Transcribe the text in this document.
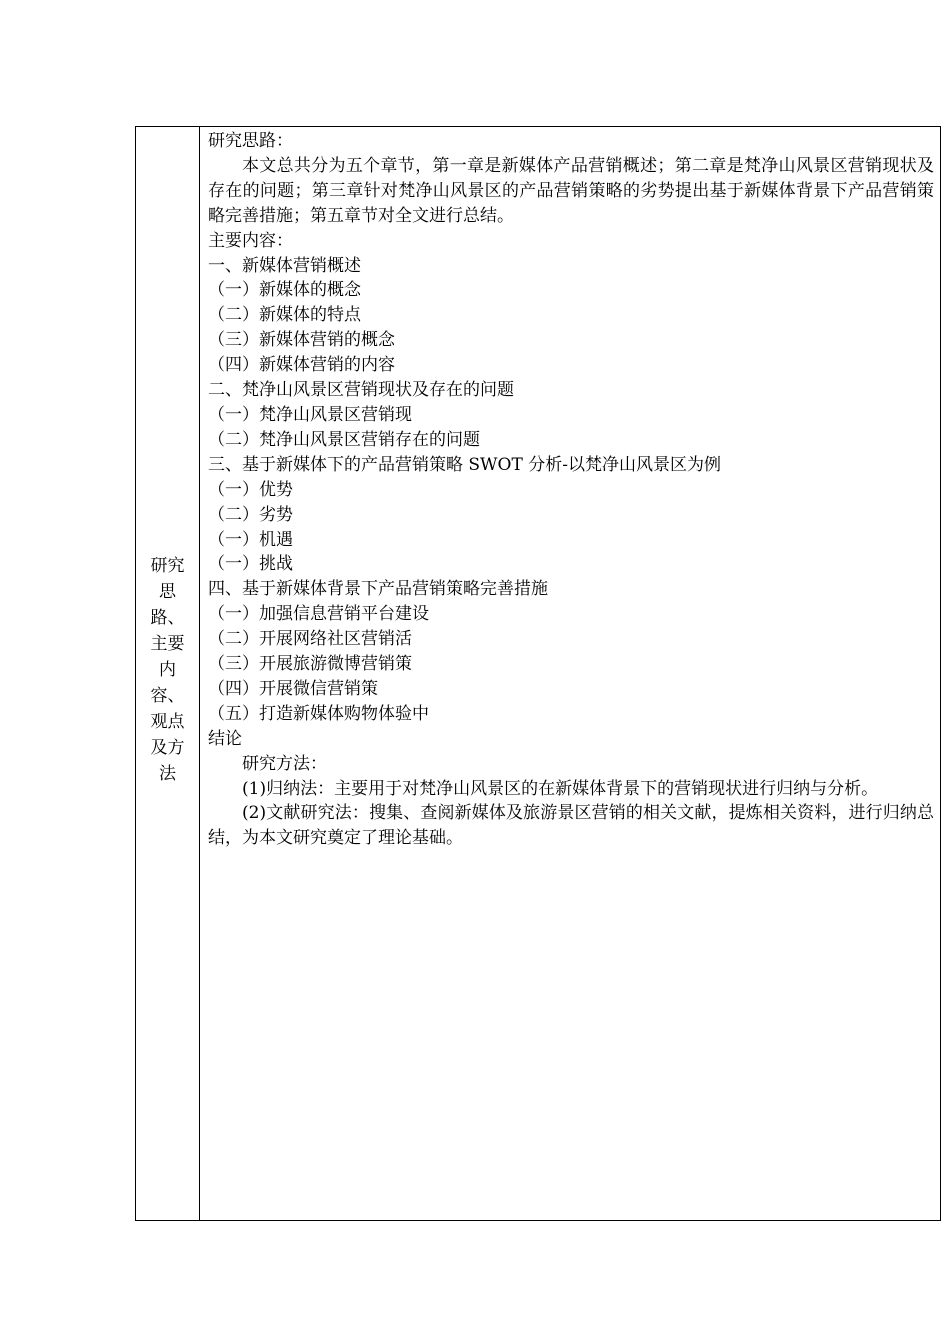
研究
思
路、
主要
内
容、
观点
及方
法
研究思路：
本文总共分为五个章节，第一章是新媒体产品营销概述；第二章是梵净山风景区营销现状及存在的问题；第三章针对梵净山风景区的产品营销策略的劣势提出基于新媒体背景下产品营销策略完善措施；第五章节对全文进行总结。
主要内容：
一、新媒体营销概述
（一）新媒体的概念
（二）新媒体的特点
（三）新媒体营销的概念
（四）新媒体营销的内容
二、梵净山风景区营销现状及存在的问题
（一）梵净山风景区营销现
（二）梵净山风景区营销存在的问题
三、基于新媒体下的产品营销策略 SWOT 分析-以梵净山风景区为例
（一）优势
（二）劣势
（一）机遇
（一）挑战
四、基于新媒体背景下产品营销策略完善措施
（一）加强信息营销平台建设
（二）开展网络社区营销活
（三）开展旅游微博营销策
（四）开展微信营销策
（五）打造新媒体购物体验中
结论
研究方法：
(1)归纳法：主要用于对梵净山风景区的在新媒体背景下的营销现状进行归纳与分析。
(2)文献研究法：搜集、查阅新媒体及旅游景区营销的相关文献，提炼相关资料，进行归纳总结，为本文研究奠定了理论基础。
